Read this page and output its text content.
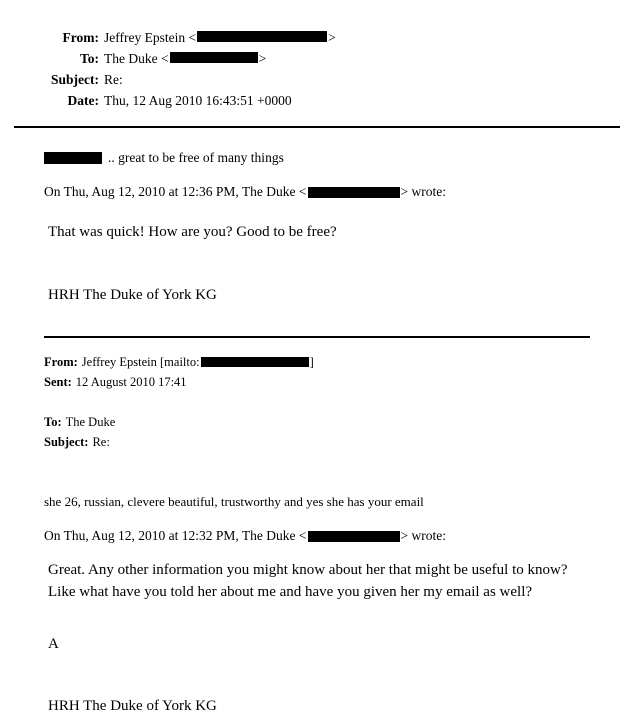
From: Jeffrey Epstein <	>
To: The Duke <	>
Subject: Re:
Date: Thu, 12 Aug 2010 16:43:51 +0000
.. great to be free of many things
On Thu, Aug 12, 2010 at 12:36 PM, The Duke <	> wrote:
That was quick! How are you? Good to be free?
HRH The Duke of York KG
From: Jeffrey Epstein [mailto:	]
Sent: 12 August 2010 17:41
To: The Duke
Subject: Re:
she 26, russian, clevere beautiful, trustworthy and yes she has your email
On Thu, Aug 12, 2010 at 12:32 PM, The Duke <	> wrote:
Great. Any other information you might know about her that might be useful to know? Like what have you told her about me and have you given her my email as well?
A
HRH The Duke of York KG
